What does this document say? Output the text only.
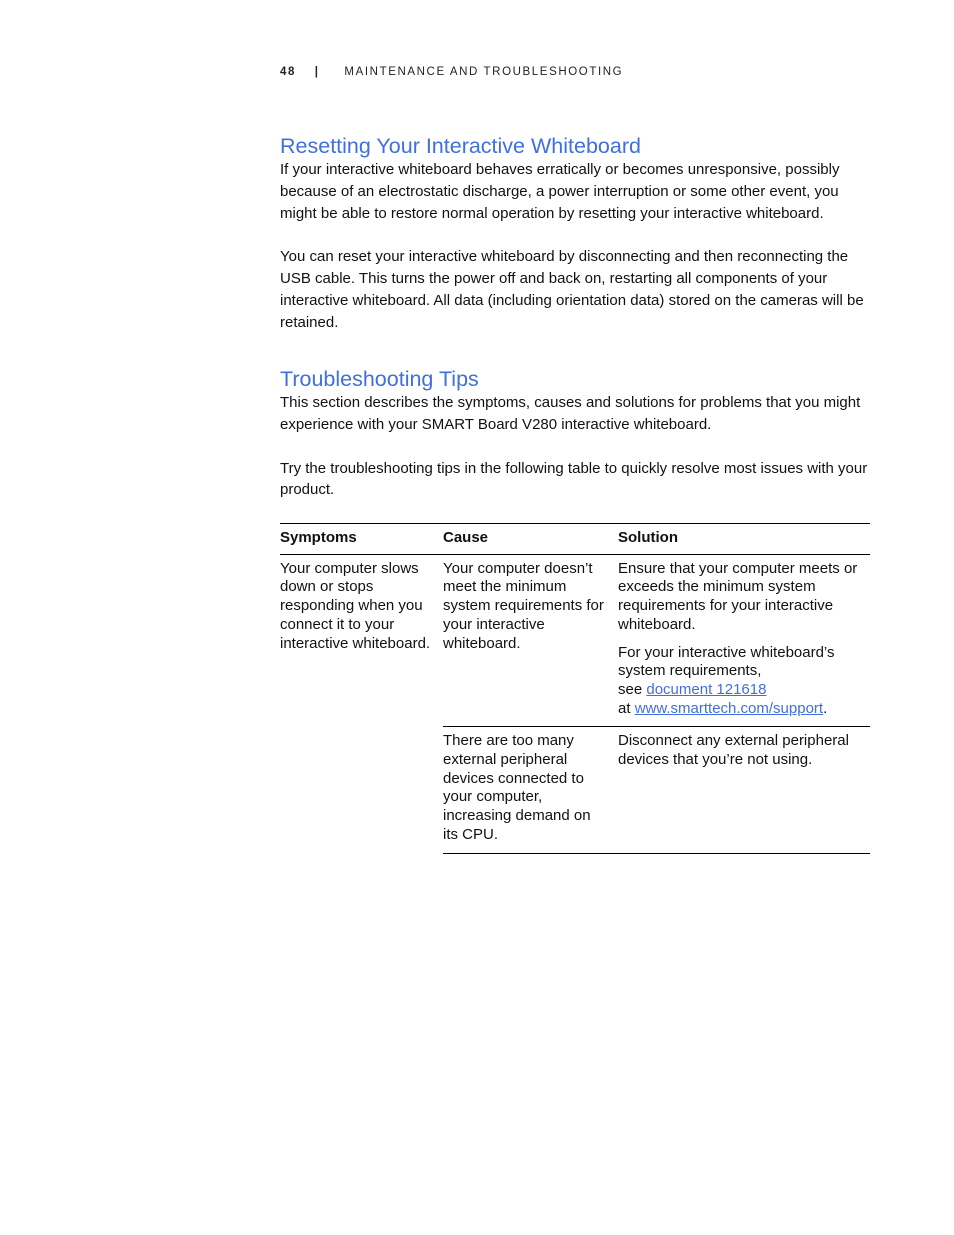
48 | MAINTENANCE AND TROUBLESHOOTING
Resetting Your Interactive Whiteboard

If your interactive whiteboard behaves erratically or becomes unresponsive, possibly because of an electrostatic discharge, a power interruption or some other event, you might be able to restore normal operation by resetting your interactive whiteboard.

You can reset your interactive whiteboard by disconnecting and then reconnecting the USB cable. This turns the power off and back on, restarting all components of your interactive whiteboard. All data (including orientation data) stored on the cameras will be retained.

Troubleshooting Tips

This section describes the symptoms, causes and solutions for problems that you might experience with your SMART Board V280 interactive whiteboard.

Try the troubleshooting tips in the following table to quickly resolve most issues with your product.

Symptoms	Cause	Solution
Your computer slows down or stops responding when you connect it to your interactive whiteboard.	Your computer doesn’t meet the minimum system requirements for your interactive whiteboard.	Ensure that your computer meets or exceeds the minimum system requirements for your interactive whiteboard.
For your interactive whiteboard’s system requirements,
see document 121618
at www.smarttech.com/support.

	There are too many external peripheral devices connected to your computer, increasing demand on its CPU.	Disconnect any external peripheral devices that you’re not using.
